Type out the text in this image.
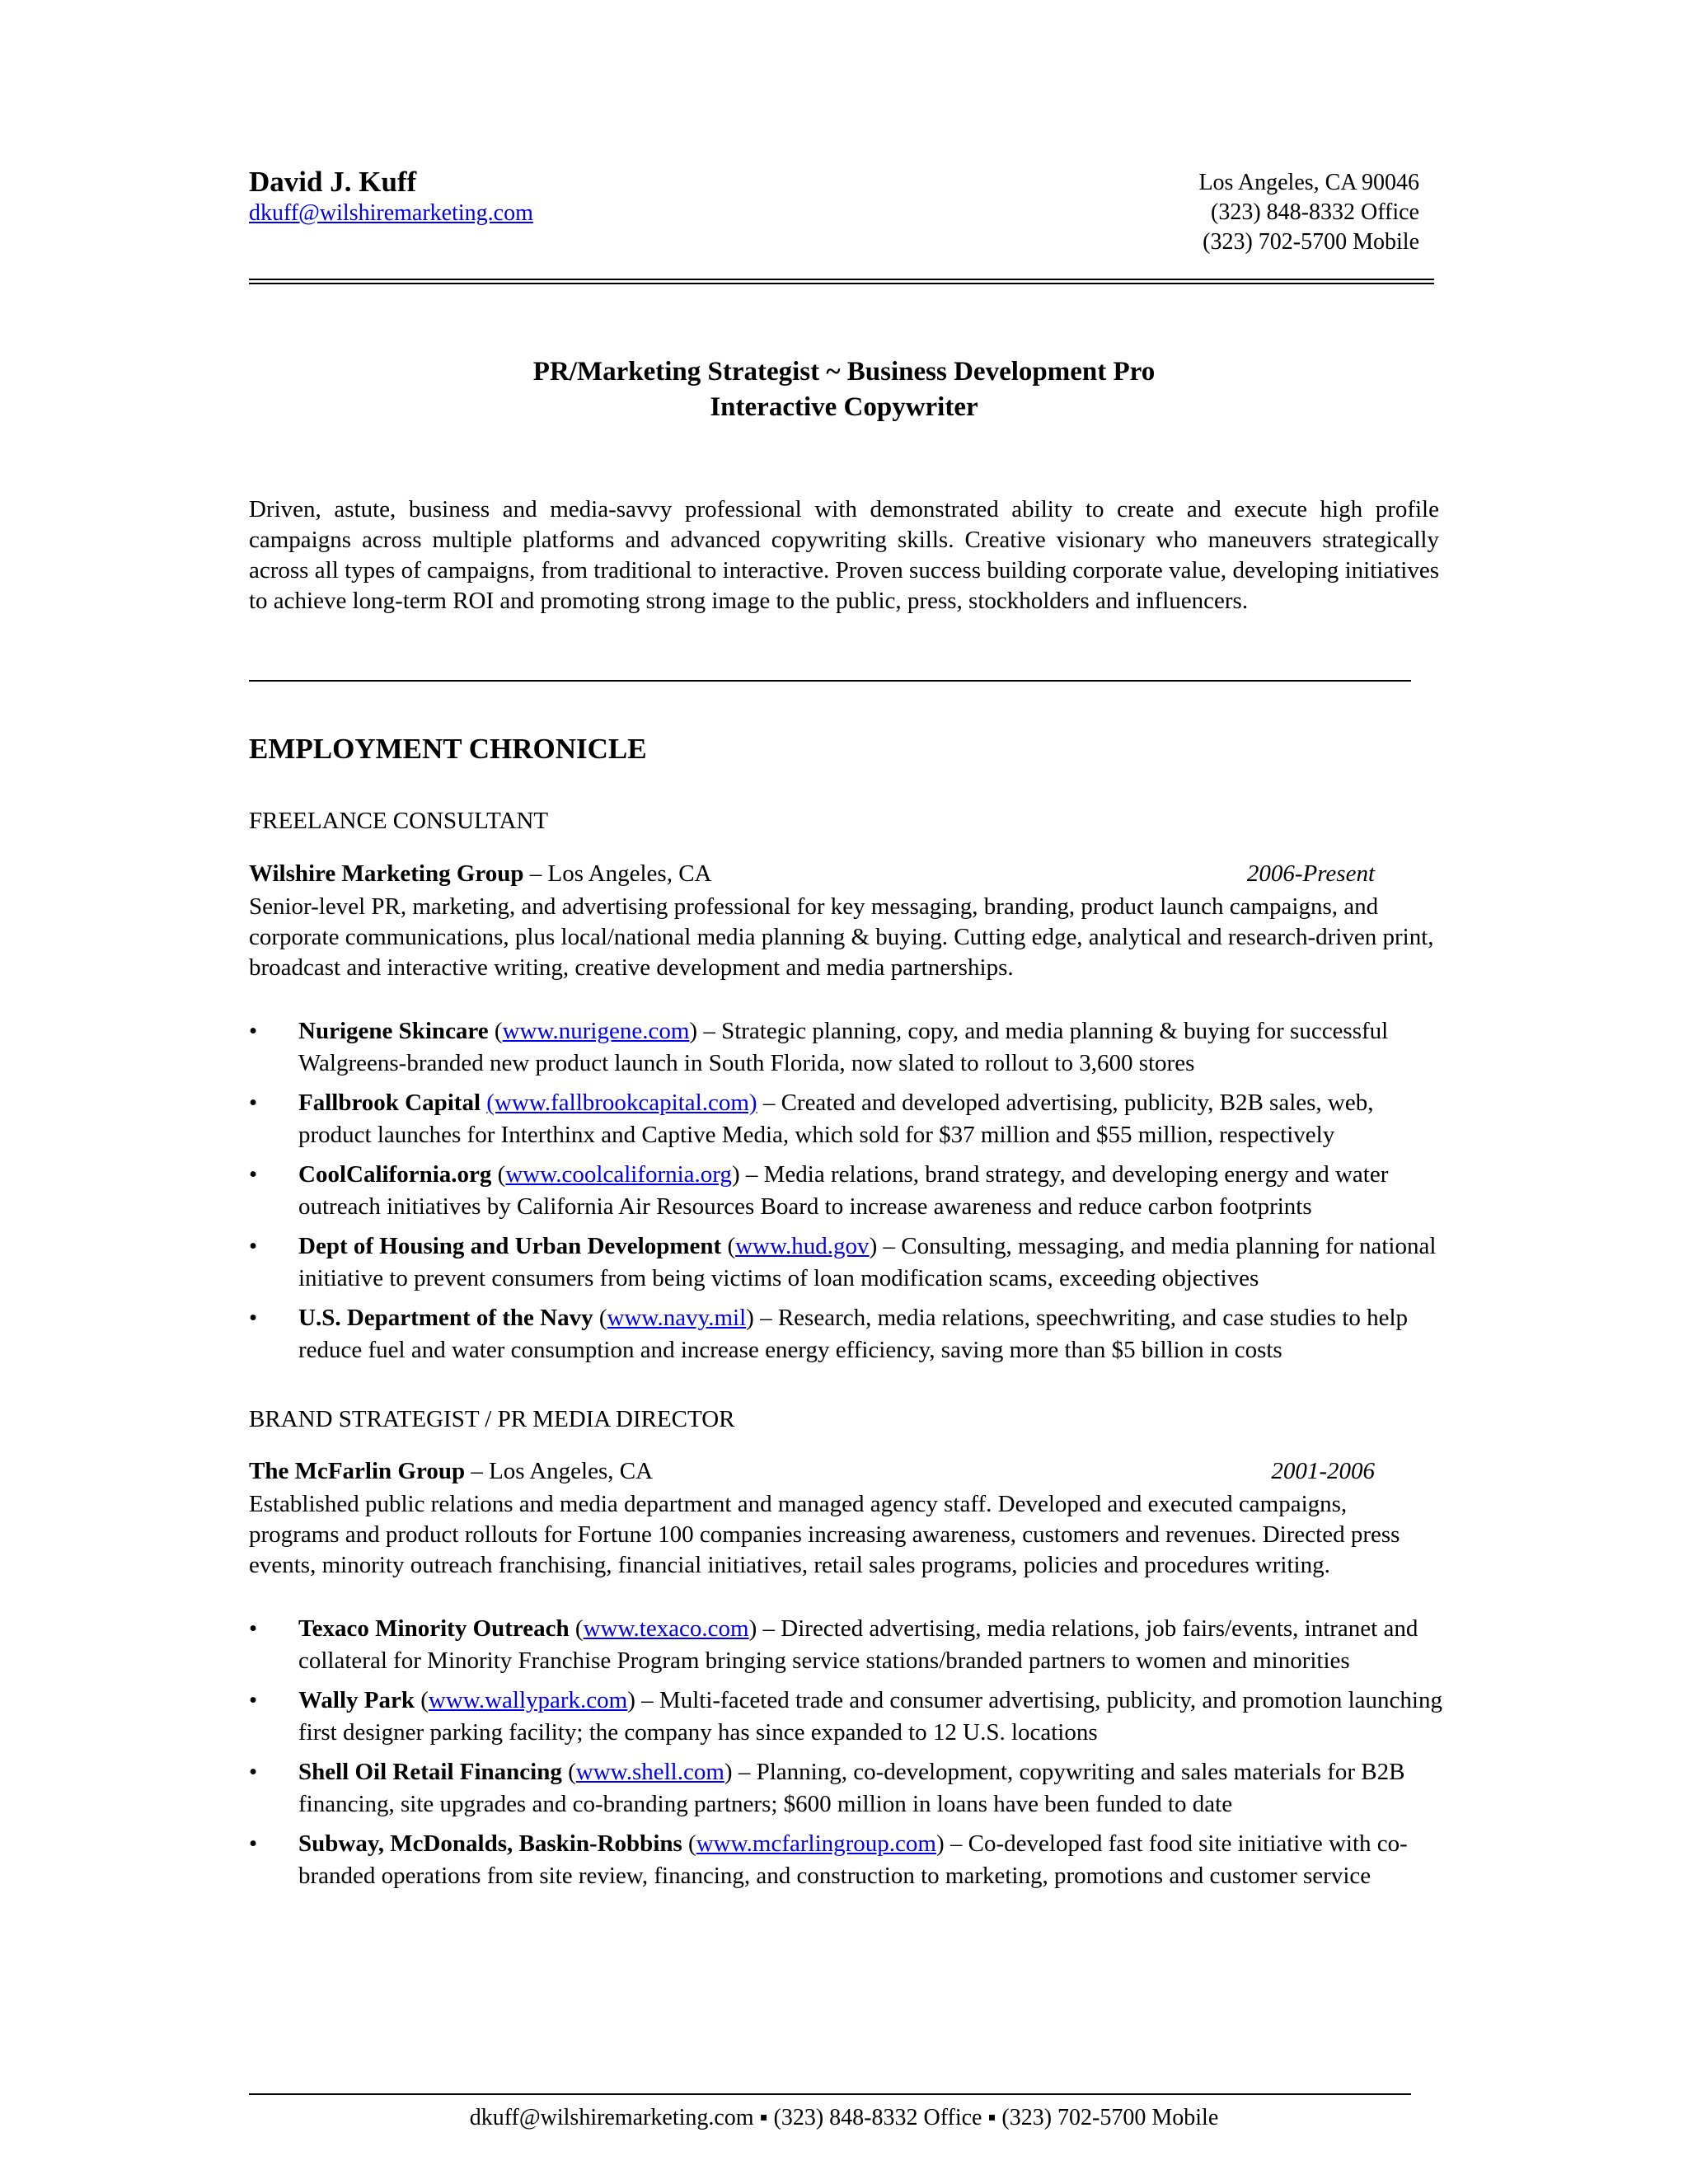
David J. Kuff
dkuff@wilshiremarketing.com
Los Angeles, CA 90046
(323) 848-8332 Office
(323) 702-5700 Mobile
PR/Marketing Strategist ~ Business Development Pro
Interactive Copywriter
Driven, astute, business and media-savvy professional with demonstrated ability to create and execute high profile campaigns across multiple platforms and advanced copywriting skills. Creative visionary who maneuvers strategically across all types of campaigns, from traditional to interactive. Proven success building corporate value, developing initiatives to achieve long-term ROI and promoting strong image to the public, press, stockholders and influencers.
EMPLOYMENT CHRONICLE
FREELANCE CONSULTANT
Wilshire Marketing Group – Los Angeles, CA	2006-Present
Senior-level PR, marketing, and advertising professional for key messaging, branding, product launch campaigns, and corporate communications, plus local/national media planning & buying. Cutting edge, analytical and research-driven print, broadcast and interactive writing, creative development and media partnerships.
• Nurigene Skincare (www.nurigene.com) – Strategic planning, copy, and media planning & buying for successful Walgreens-branded new product launch in South Florida, now slated to rollout to 3,600 stores
• Fallbrook Capital (www.fallbrookcapital.com) – Created and developed advertising, publicity, B2B sales, web, product launches for Interthinx and Captive Media, which sold for $37 million and $55 million, respectively
• CoolCalifornia.org (www.coolcalifornia.org) – Media relations, brand strategy, and developing energy and water outreach initiatives by California Air Resources Board to increase awareness and reduce carbon footprints
• Dept of Housing and Urban Development (www.hud.gov) – Consulting, messaging, and media planning for national initiative to prevent consumers from being victims of loan modification scams, exceeding objectives
• U.S. Department of the Navy (www.navy.mil) – Research, media relations, speechwriting, and case studies to help reduce fuel and water consumption and increase energy efficiency, saving more than $5 billion in costs
BRAND STRATEGIST / PR MEDIA DIRECTOR
The McFarlin Group – Los Angeles, CA	2001-2006
Established public relations and media department and managed agency staff. Developed and executed campaigns, programs and product rollouts for Fortune 100 companies increasing awareness, customers and revenues. Directed press events, minority outreach franchising, financial initiatives, retail sales programs, policies and procedures writing.
• Texaco Minority Outreach (www.texaco.com) – Directed advertising, media relations, job fairs/events, intranet and collateral for Minority Franchise Program bringing service stations/branded partners to women and minorities
• Wally Park (www.wallypark.com) – Multi-faceted trade and consumer advertising, publicity, and promotion launching first designer parking facility; the company has since expanded to 12 U.S. locations
• Shell Oil Retail Financing (www.shell.com) – Planning, co-development, copywriting and sales materials for B2B financing, site upgrades and co-branding partners; $600 million in loans have been funded to date
• Subway, McDonalds, Baskin-Robbins (www.mcfarlingroup.com) – Co-developed fast food site initiative with co-branded operations from site review, financing, and construction to marketing, promotions and customer service
dkuff@wilshiremarketing.com ▪ (323) 848-8332 Office ▪ (323) 702-5700 Mobile
